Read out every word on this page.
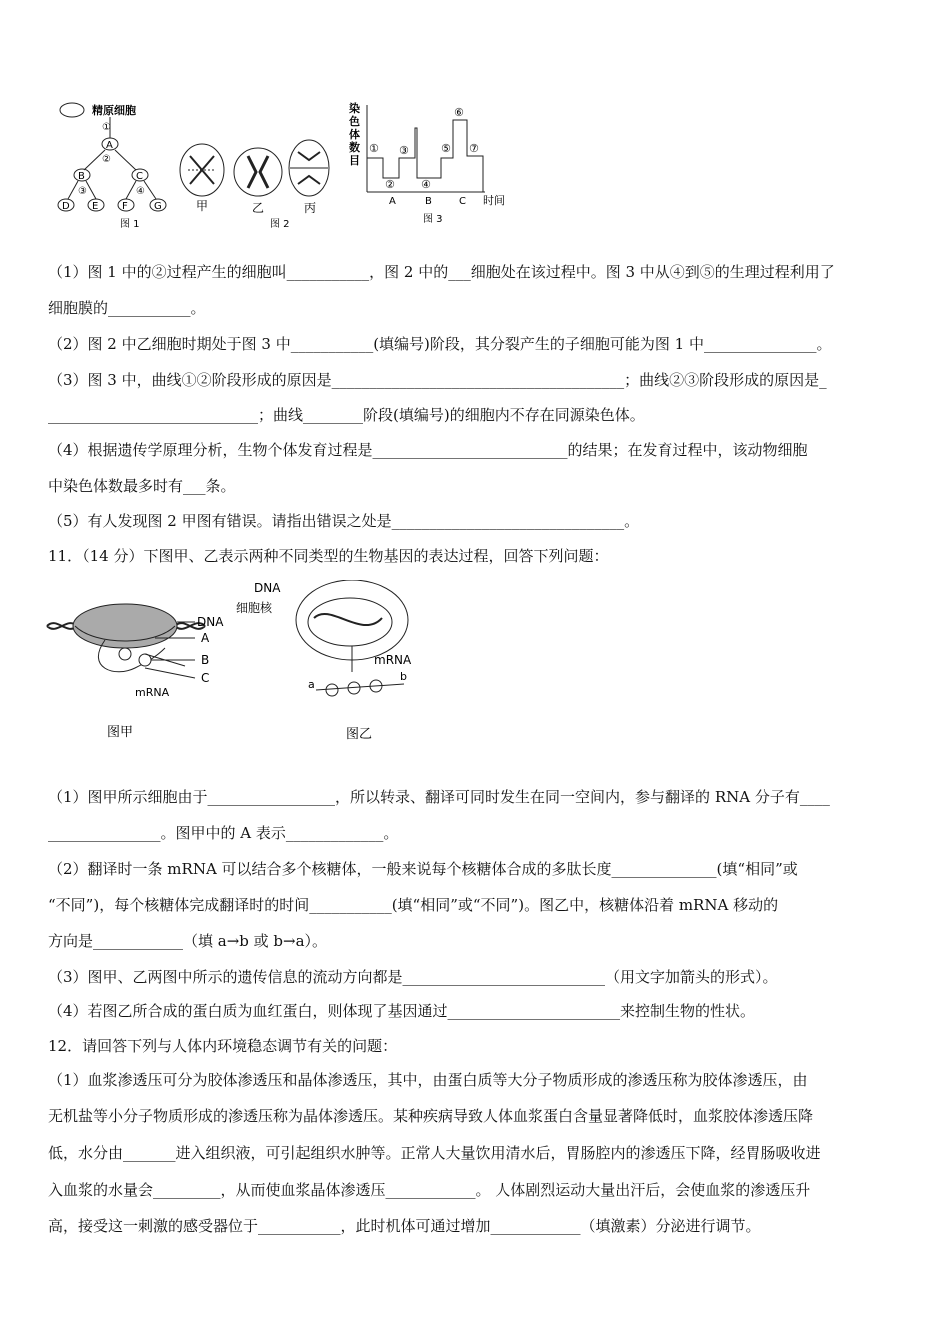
精原细胞
①
A
②
B	C
③	④
D E F	G
图 1
甲	乙	丙
图 2
染色体数目
①
②
③
④
⑤
⑥
⑦
A	B	C 时间
图 3
DNA
A
B
C
mRNA
图甲
DNA
细胞核
mRNA
a
b
图乙
（1）图 1 中的②过程产生的细胞叫___________，图 2 中的___细胞处在该过程中。图 3 中从④到⑤的生理过程利用了
细胞膜的___________。
（2）图 2 中乙细胞时期处于图 3 中___________(填编号)阶段，其分裂产生的子细胞可能为图 1 中_______________。
（3）图 3 中，曲线①②阶段形成的原因是_______________________________________；曲线②③阶段形成的原因是_
____________________________；曲线________阶段(填编号)的细胞内不存在同源染色体。
（4）根据遗传学原理分析，生物个体发育过程是__________________________的结果；在发育过程中，该动物细胞
中染色体数最多时有___条。
（5）有人发现图 2 甲图有错误。请指出错误之处是_______________________________。
11．（14 分）下图甲、乙表示两种不同类型的生物基因的表达过程，回答下列问题：
（1）图甲所示细胞由于_________________，所以转录、翻译可同时发生在同一空间内，参与翻译的 RNA 分子有____
_______________。图甲中的 A 表示_____________。
（2）翻译时一条 mRNA 可以结合多个核糖体，一般来说每个核糖体合成的多肽长度______________(填“相同”或
“不同”)，每个核糖体完成翻译时的时间___________(填“相同”或“不同”)。图乙中，核糖体沿着 mRNA 移动的
方向是____________（填 a→b 或 b→a）。
（3）图甲、乙两图中所示的遗传信息的流动方向都是___________________________（用文字加箭头的形式）。
（4）若图乙所合成的蛋白质为血红蛋白，则体现了基因通过_______________________来控制生物的性状。
12．请回答下列与人体内环境稳态调节有关的问题：
（1）血浆渗透压可分为胶体渗透压和晶体渗透压，其中，由蛋白质等大分子物质形成的渗透压称为胶体渗透压，由
无机盐等小分子物质形成的渗透压称为晶体渗透压。某种疾病导致人体血浆蛋白含量显著降低时，血浆胶体渗透压降
低，水分由_______进入组织液，可引起组织水肿等。正常人大量饮用清水后，胃肠腔内的渗透压下降，经胃肠吸收进
入血浆的水量会_________，从而使血浆晶体渗透压____________。 人体剧烈运动大量出汗后，会使血浆的渗透压升
高，接受这一刺激的感受器位于___________，此时机体可通过增加____________（填激素）分泌进行调节。
